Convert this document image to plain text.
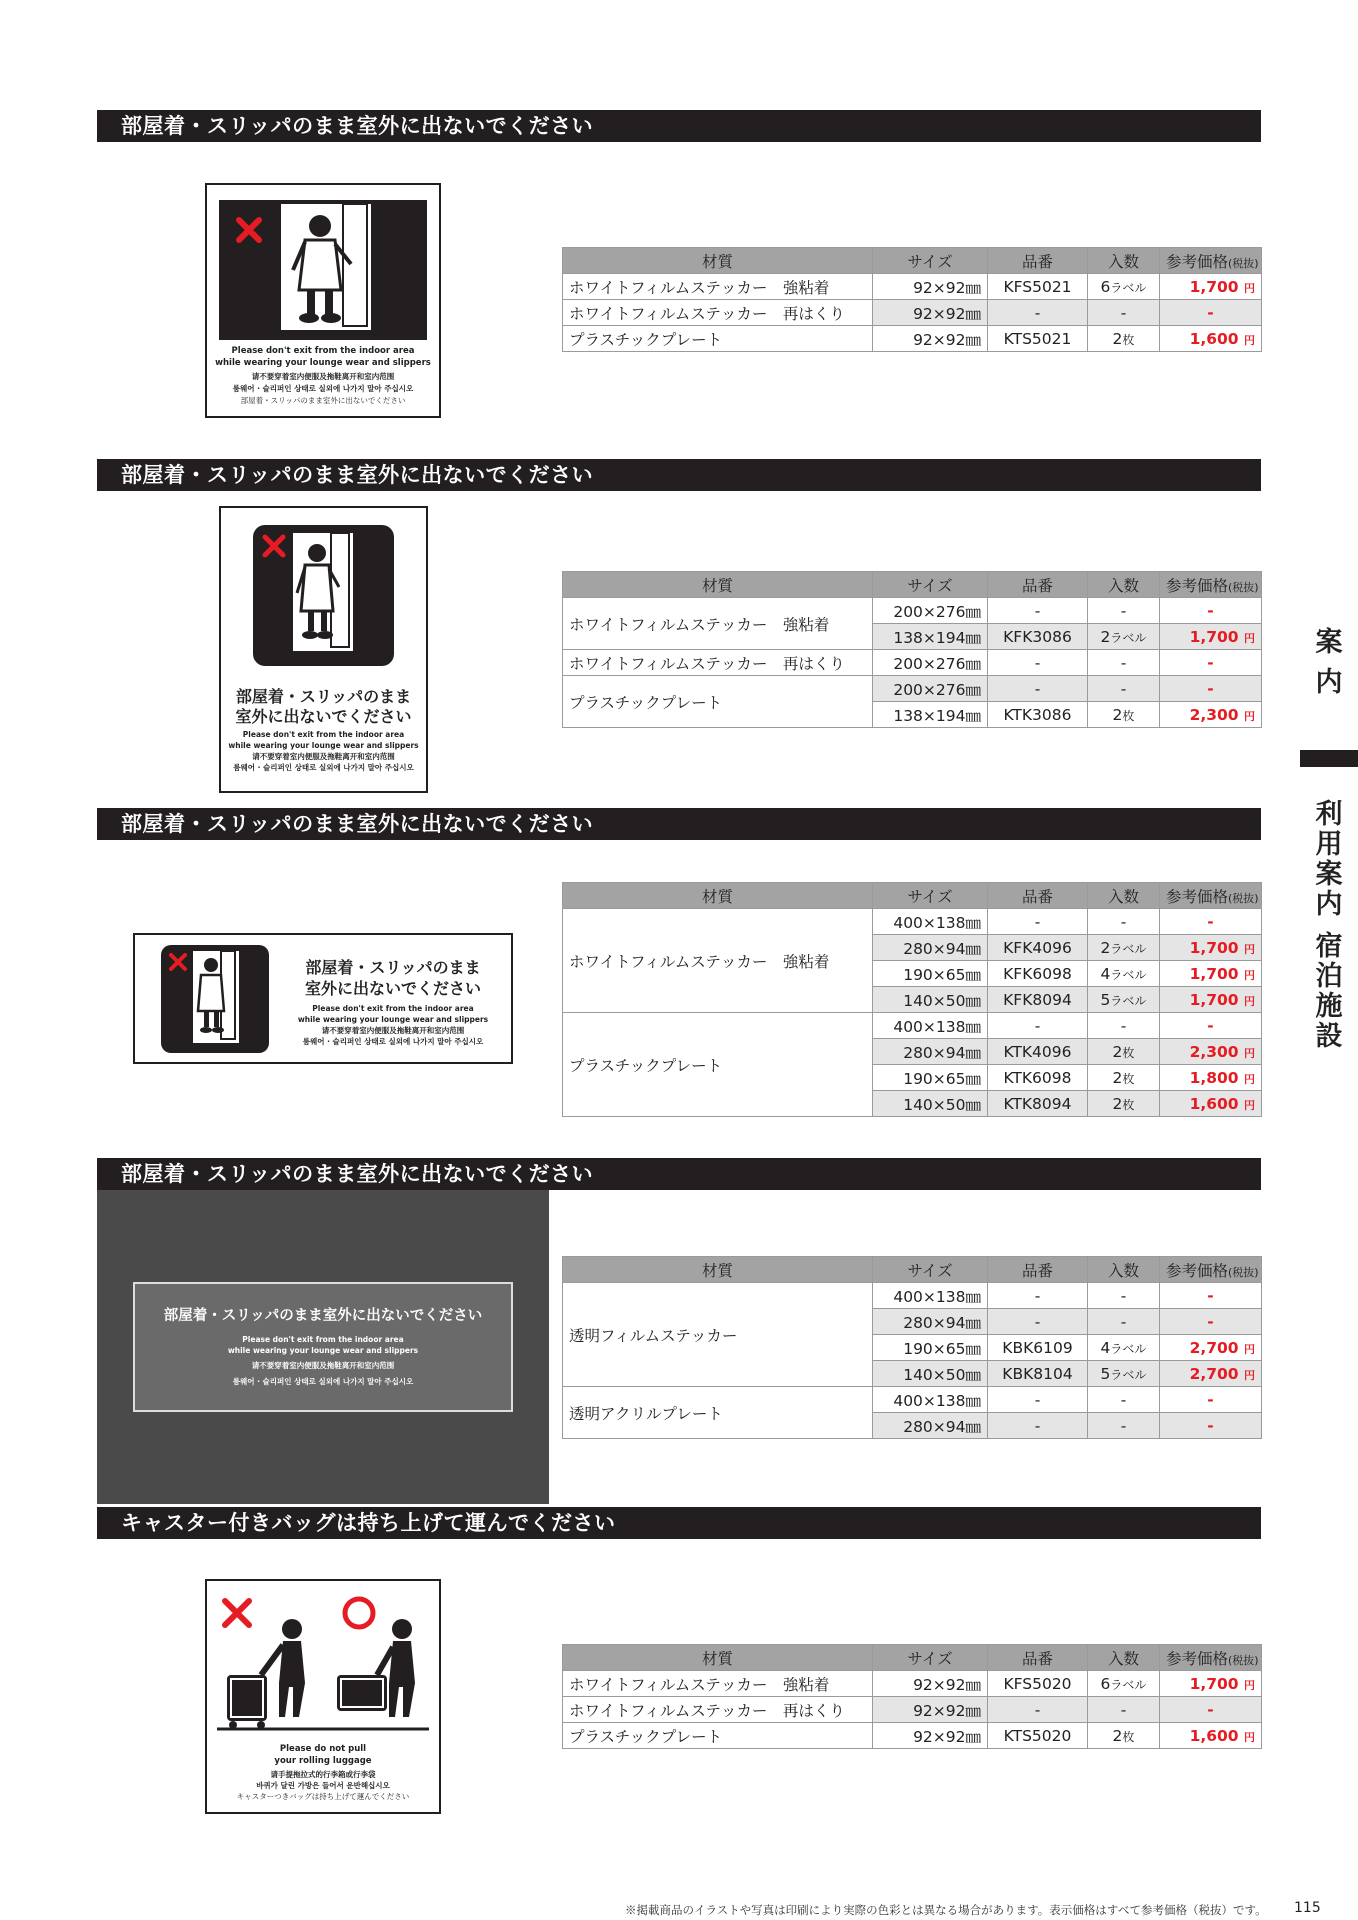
部屋着・スリッパのまま室外に出ないでください
部屋着・スリッパのまま室外に出ないでください
部屋着・スリッパのまま室外に出ないでください
部屋着・スリッパのまま室外に出ないでください
キャスター付きバッグは持ち上げて運んでください
Please don't exit from the indoor area
while wearing your lounge wear and slippers
请不要穿着室内便服及拖鞋离开和室内范围
룸웨어 · 슬리퍼인 상태로 실외에 나가지 말아 주십시오
部屋着・スリッパのまま室外に出ないでください
材質	サイズ	品番	入数	参考価格(税抜)
ホワイトフィルムステッカー　強粘着	92×92㎜	KFS5021	6ラベル	1,700 円
ホワイトフィルムステッカー　再はくり	92×92㎜	-	-	-
プラスチックプレート	92×92㎜	KTS5021	2枚	1,600 円
部屋着・スリッパのまま
室外に出ないでください
Please don't exit from the indoor area
while wearing your lounge wear and slippers
请不要穿着室内便服及拖鞋离开和室内范围
룸웨어 · 슬리퍼인 상태로 실외에 나가지 말아 주십시오
材質	サイズ	品番	入数	参考価格(税抜)
ホワイトフィルムステッカー　強粘着	200×276㎜	-	-	-
	138×194㎜	KFK3086	2ラベル	1,700 円
ホワイトフィルムステッカー　再はくり	200×276㎜	-	-	-
プラスチックプレート	200×276㎜	-	-	-
	138×194㎜	KTK3086	2枚	2,300 円
部屋着・スリッパのまま
室外に出ないでください
Please don't exit from the indoor area
while wearing your lounge wear and slippers
请不要穿着室内便服及拖鞋离开和室内范围
룸웨어 · 슬리퍼인 상태로 실외에 나가지 말아 주십시오
材質	サイズ	品番	入数	参考価格(税抜)
ホワイトフィルムステッカー　強粘着	400×138㎜	-	-	-
	280×94㎜	KFK4096	2ラベル	1,700 円
	190×65㎜	KFK6098	4ラベル	1,700 円
	140×50㎜	KFK8094	5ラベル	1,700 円
プラスチックプレート	400×138㎜	-	-	-
	280×94㎜	KTK4096	2枚	2,300 円
	190×65㎜	KTK6098	2枚	1,800 円
	140×50㎜	KTK8094	2枚	1,600 円
部屋着・スリッパのまま室外に出ないでください
Please don't exit from the indoor area
while wearing your lounge wear and slippers
请不要穿着室内便服及拖鞋离开和室内范围
룸웨어 · 슬리퍼인 상태로 실외에 나가지 말아 주십시오
材質	サイズ	品番	入数	参考価格(税抜)
透明フィルムステッカー	400×138㎜	-	-	-
	280×94㎜	-	-	-
	190×65㎜	KBK6109	4ラベル	2,700 円
	140×50㎜	KBK8104	5ラベル	2,700 円
透明アクリルプレート	400×138㎜	-	-	-
	280×94㎜	-	-	-
Please do not pull
your rolling luggage
请手提拖拉式的行李箱或行李袋
바퀴가 달린 가방은 들어서 운반해십시오
キャスターつきバッグは持ち上げて運んでください
材質	サイズ	品番	入数	参考価格(税抜)
ホワイトフィルムステッカー　強粘着	92×92㎜	KFS5020	6ラベル	1,700 円
ホワイトフィルムステッカー　再はくり	92×92㎜	-	-	-
プラスチックプレート	92×92㎜	KTS5020	2枚	1,600 円
案
内
利
用
案
内
宿
泊
施
設
※掲載商品のイラストや写真は印刷により実際の色彩とは異なる場合があります。表示価格はすべて参考価格（税抜）です。 115
